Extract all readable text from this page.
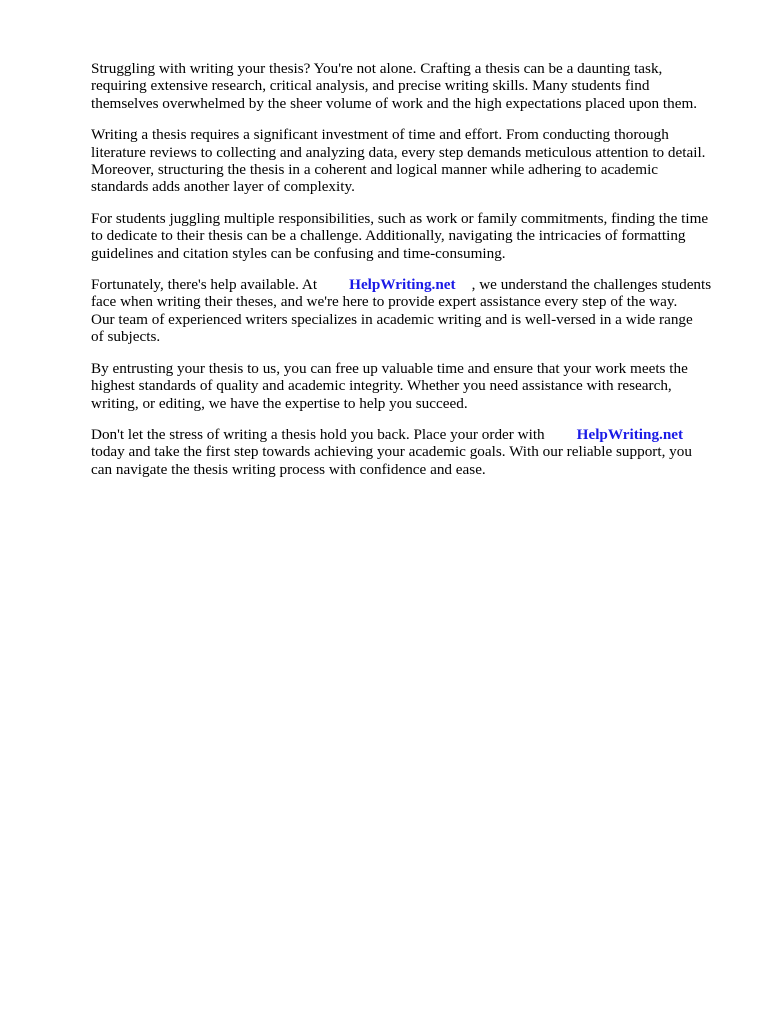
Struggling with writing your thesis? You're not alone. Crafting a thesis can be a daunting task,
requiring extensive research, critical analysis, and precise writing skills. Many students find
themselves overwhelmed by the sheer volume of work and the high expectations placed upon them.

Writing a thesis requires a significant investment of time and effort. From conducting thorough
literature reviews to collecting and analyzing data, every step demands meticulous attention to detail.
Moreover, structuring the thesis in a coherent and logical manner while adhering to academic
standards adds another layer of complexity.

For students juggling multiple responsibilities, such as work or family commitments, finding the time
to dedicate to their thesis can be a challenge. Additionally, navigating the intricacies of formatting
guidelines and citation styles can be confusing and time-consuming.

Fortunately, there's help available. At HelpWriting.net , we understand the challenges students
face when writing their theses, and we're here to provide expert assistance every step of the way.
Our team of experienced writers specializes in academic writing and is well-versed in a wide range
of subjects.

By entrusting your thesis to us, you can free up valuable time and ensure that your work meets the
highest standards of quality and academic integrity. Whether you need assistance with research,
writing, or editing, we have the expertise to help you succeed.

Don't let the stress of writing a thesis hold you back. Place your order with HelpWriting.net
today and take the first step towards achieving your academic goals. With our reliable support, you
can navigate the thesis writing process with confidence and ease.
